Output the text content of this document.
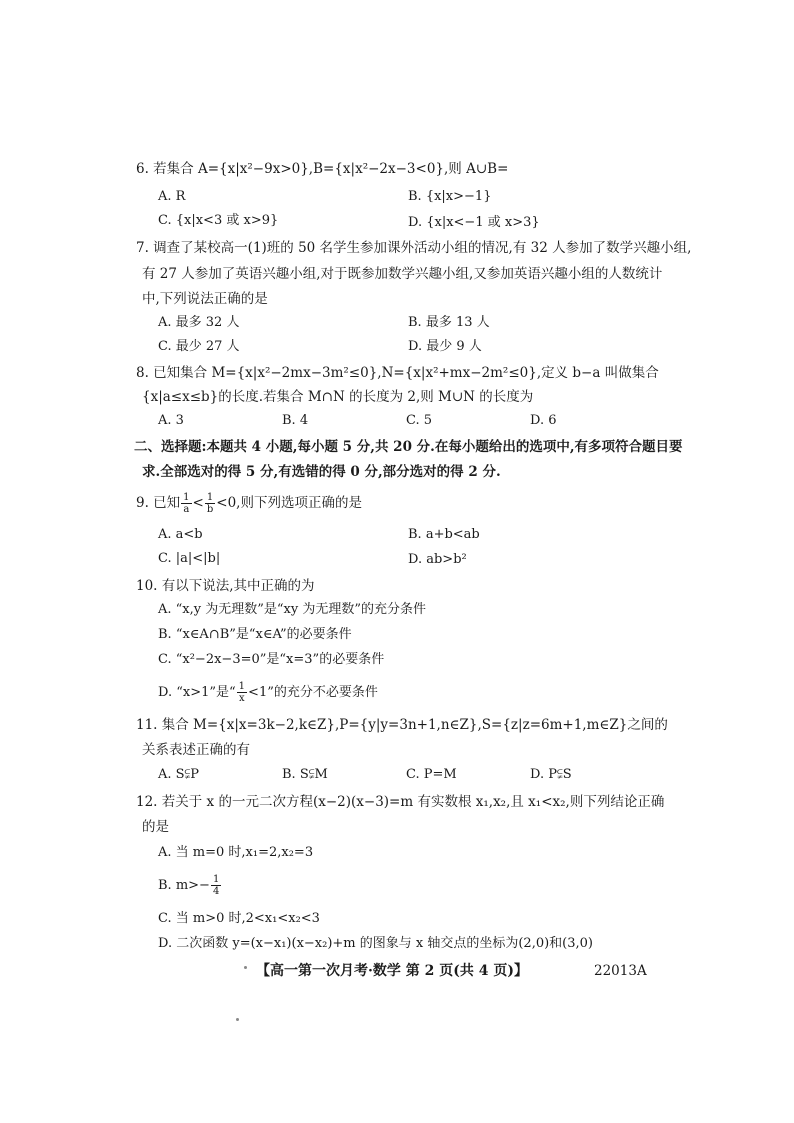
6. 若集合 A={x|x²−9x>0},B={x|x²−2x−3<0},则 A∪B=
A. R	B. {x|x>−1}
C. {x|x<3 或 x>9}	D. {x|x<−1 或 x>3}
7. 调查了某校高一(1)班的 50 名学生参加课外活动小组的情况,有 32 人参加了数学兴趣小组,
有 27 人参加了英语兴趣小组,对于既参加数学兴趣小组,又参加英语兴趣小组的人数统计
中,下列说法正确的是
A. 最多 32 人	B. 最多 13 人
C. 最少 27 人	D. 最少 9 人
8. 已知集合 M={x|x²−2mx−3m²≤0},N={x|x²+mx−2m²≤0},定义 b−a 叫做集合
{x|a≤x≤b}的长度.若集合 M∩N 的长度为 2,则 M∪N 的长度为
A. 3	B. 4	C. 5	D. 6
二、选择题:本题共 4 小题,每小题 5 分,共 20 分.在每小题给出的选项中,有多项符合题目要
求.全部选对的得 5 分,有选错的得 0 分,部分选对的得 2 分.
9. 已知 $\frac{1}{a} < \frac{1}{b} <0$,则下列选项正确的是
A. a<b	B. a+b<ab
C. |a|<|b|	D. ab>b²
10. 有以下说法,其中正确的为
A. “x,y 为无理数”是“xy 为无理数”的充分条件
B. “x∈A∩B”是“x∈A”的必要条件
C. “x²−2x−3=0”是“x=3”的必要条件
D. “x>1”是“ $\frac{1}{x} <1$”的充分不必要条件
11. 集合 M={x|x=3k−2,k∈Z},P={y|y=3n+1,n∈Z},S={z|z=6m+1,m∈Z}之间的
关系表述正确的有
A. S⫋P	B. S⫋M	C. P=M	D. P⫋S
12. 若关于 x 的一元二次方程(x−2)(x−3)=m 有实数根 x₁,x₂,且 x₁<x₂,则下列结论正确
的是
A. 当 m=0 时,x₁=2,x₂=3
B. $m>- \frac{1}{4}$
C. 当 m>0 时,2<x₁<x₂<3
D. 二次函数 y=(x−x₁)(x−x₂)+m 的图象与 x 轴交点的坐标为(2,0)和(3,0)
【高一第一次月考·数学 第 2 页(共 4 页)】	22013A
